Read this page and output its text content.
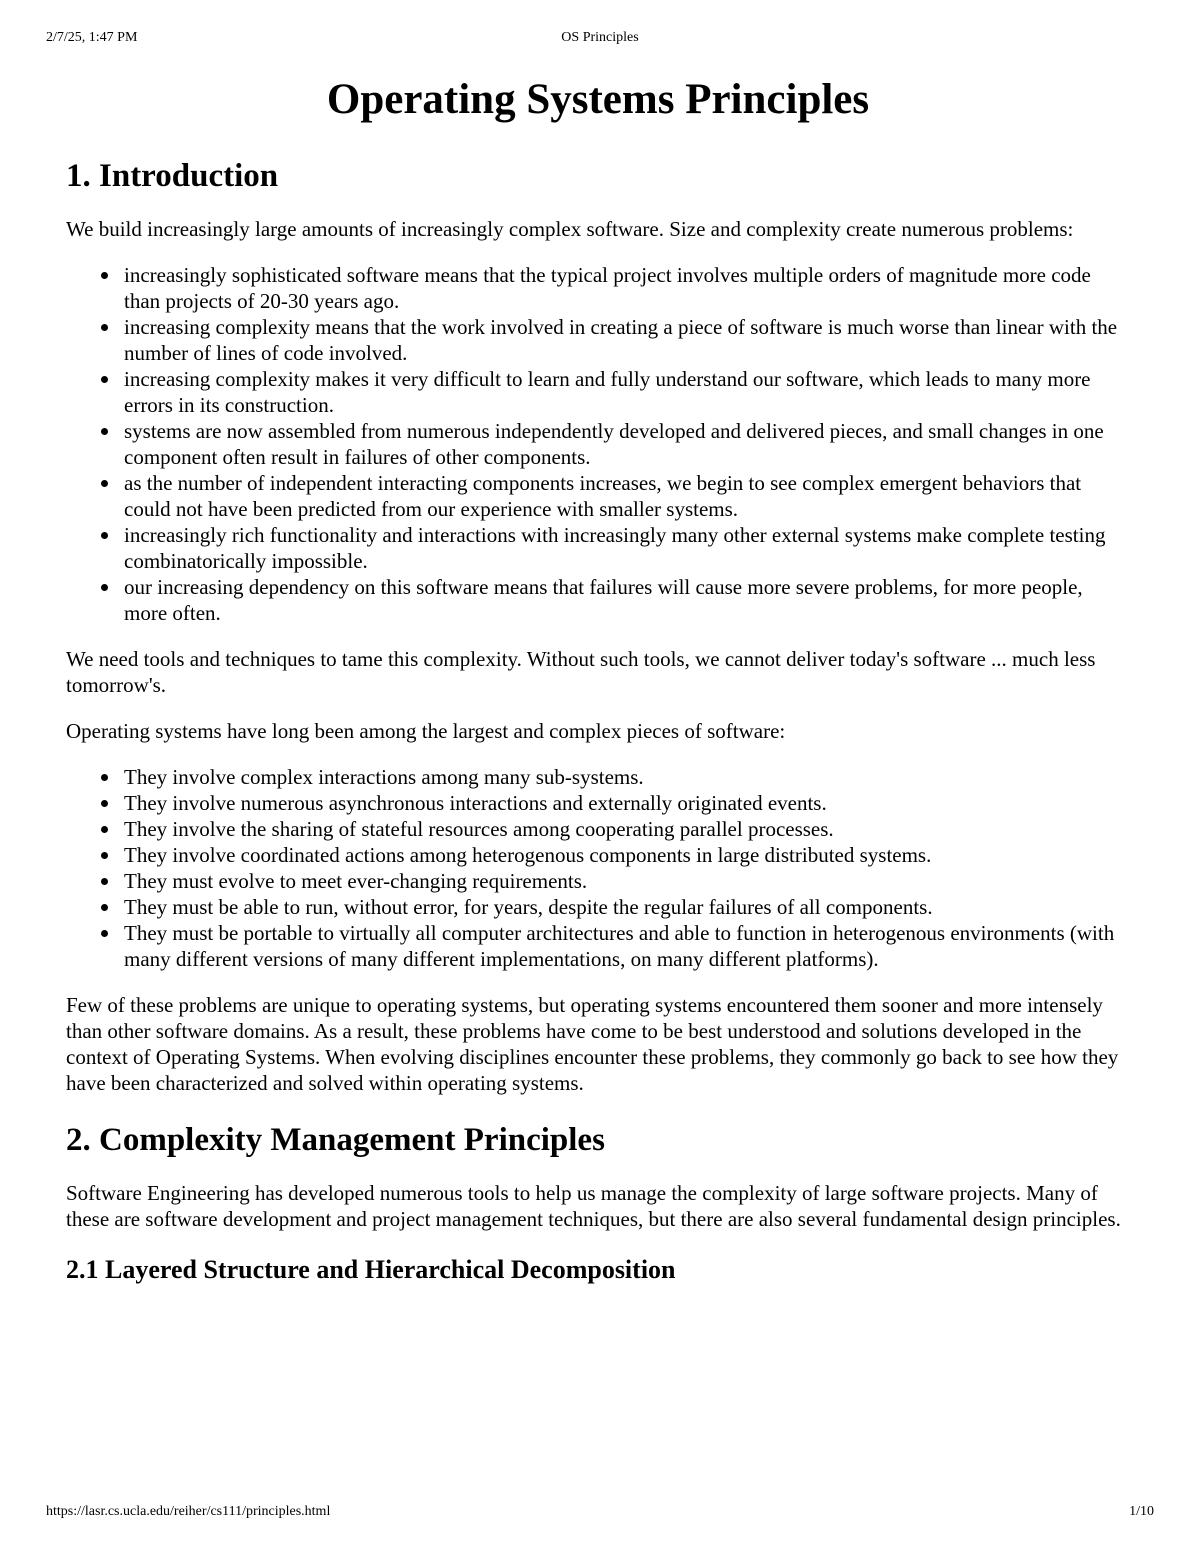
2/7/25, 1:47 PM	OS Principles
Operating Systems Principles
1. Introduction

We build increasingly large amounts of increasingly complex software. Size and complexity create numerous problems:

increasingly sophisticated software means that the typical project involves multiple orders of magnitude more code than projects of 20-30 years ago.
increasing complexity means that the work involved in creating a piece of software is much worse than linear with the number of lines of code involved.
increasing complexity makes it very difficult to learn and fully understand our software, which leads to many more errors in its construction.
systems are now assembled from numerous independently developed and delivered pieces, and small changes in one component often result in failures of other components.
as the number of independent interacting components increases, we begin to see complex emergent behaviors that could not have been predicted from our experience with smaller systems.
increasingly rich functionality and interactions with increasingly many other external systems make complete testing combinatorically impossible.
our increasing dependency on this software means that failures will cause more severe problems, for more people, more often.

We need tools and techniques to tame this complexity. Without such tools, we cannot deliver today's software ... much less tomorrow's.

Operating systems have long been among the largest and complex pieces of software:

They involve complex interactions among many sub-systems.
They involve numerous asynchronous interactions and externally originated events.
They involve the sharing of stateful resources among cooperating parallel processes.
They involve coordinated actions among heterogenous components in large distributed systems.
They must evolve to meet ever-changing requirements.
They must be able to run, without error, for years, despite the regular failures of all components.
They must be portable to virtually all computer architectures and able to function in heterogenous environments (with many different versions of many different implementations, on many different platforms).

Few of these problems are unique to operating systems, but operating systems encountered them sooner and more intensely than other software domains. As a result, these problems have come to be best understood and solutions developed in the context of Operating Systems. When evolving disciplines encounter these problems, they commonly go back to see how they have been characterized and solved within operating systems.

2. Complexity Management Principles

Software Engineering has developed numerous tools to help us manage the complexity of large software projects. Many of these are software development and project management techniques, but there are also several fundamental design principles.

2.1 Layered Structure and Hierarchical Decomposition
https://lasr.cs.ucla.edu/reiher/cs111/principles.html	1/10
